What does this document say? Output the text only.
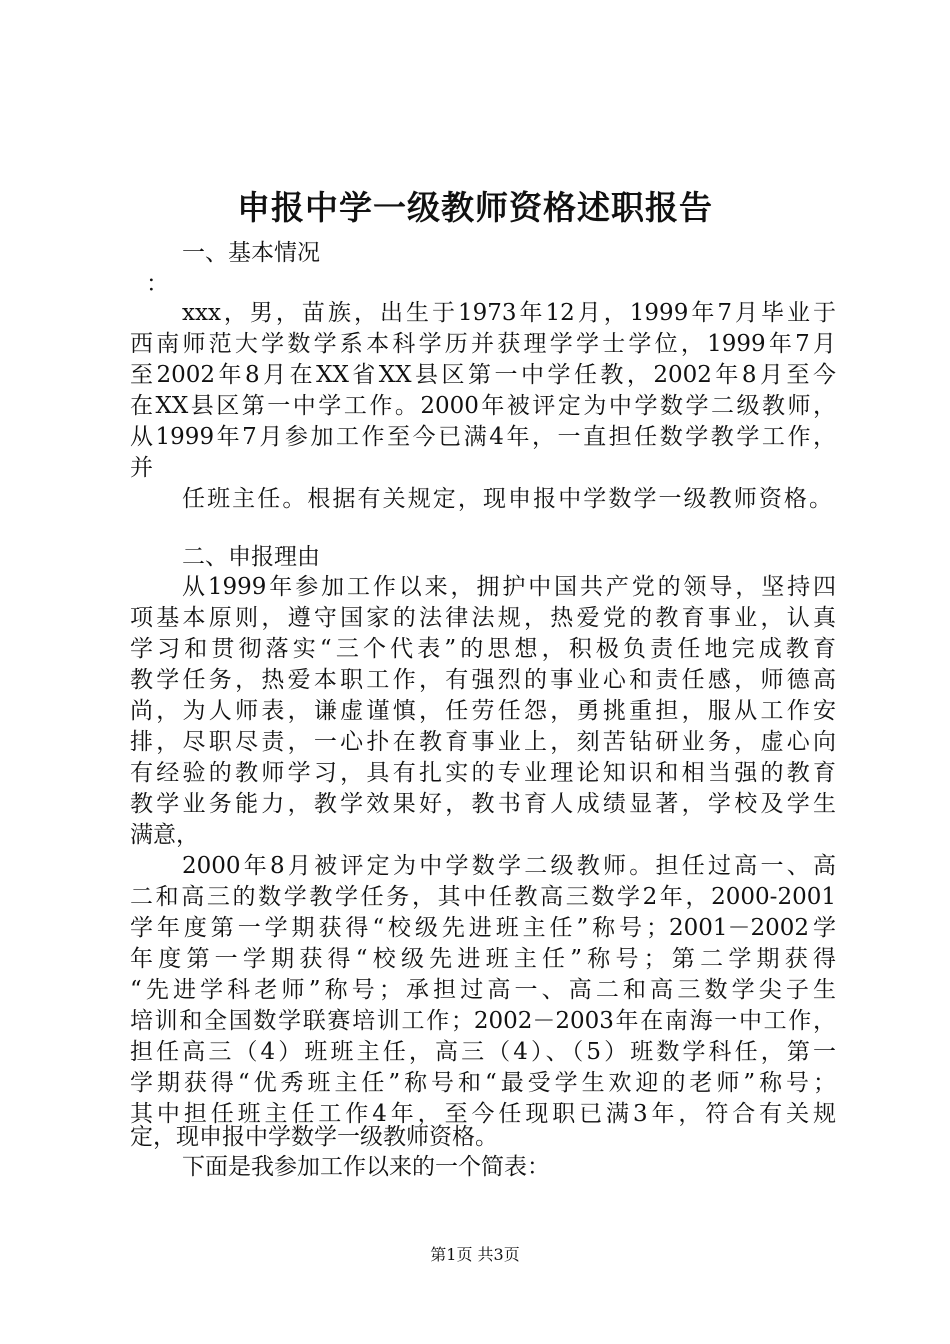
申报中学一级教师资格述职报告
一、基本情况
：
xxx，男，苗族，出生于1973年12月，1999年7月毕业于
西南师范大学数学系本科学历并获理学学士学位，1999年7月
至2002年8月在XX省XX县区第一中学任教，2002年8月至今
在XX县区第一中学工作。2000年被评定为中学数学二级教师，
从1999年7月参加工作至今已满4年，一直担任数学教学工作，
并
任班主任。根据有关规定，现申报中学数学一级教师资格。
二、申报理由
从1999年参加工作以来，拥护中国共产党的领导，坚持四
项基本原则，遵守国家的法律法规，热爱党的教育事业，认真
学习和贯彻落实“三个代表”的思想，积极负责任地完成教育
教学任务，热爱本职工作，有强烈的事业心和责任感，师德高
尚，为人师表，谦虚谨慎，任劳任怨，勇挑重担，服从工作安
排，尽职尽责，一心扑在教育事业上，刻苦钻研业务，虚心向
有经验的教师学习，具有扎实的专业理论知识和相当强的教育
教学业务能力，教学效果好，教书育人成绩显著，学校及学生
满意，
2000年8月被评定为中学数学二级教师。担任过高一、高
二和高三的数学教学任务，其中任教高三数学2年，2000-2001
学年度第一学期获得“校级先进班主任”称号；2001－2002学
年度第一学期获得“校级先进班主任”称号；第二学期获得
“先进学科老师”称号；承担过高一、高二和高三数学尖子生
培训和全国数学联赛培训工作；2002－2003年在南海一中工作，
担任高三（4）班班主任，高三（4）、（5）班数学科任，第一
学期获得“优秀班主任”称号和“最受学生欢迎的老师”称号；
其中担任班主任工作4年，至今任现职已满3年，符合有关规
定，现申报中学数学一级教师资格。
下面是我参加工作以来的一个简表：
第1页 共3页
